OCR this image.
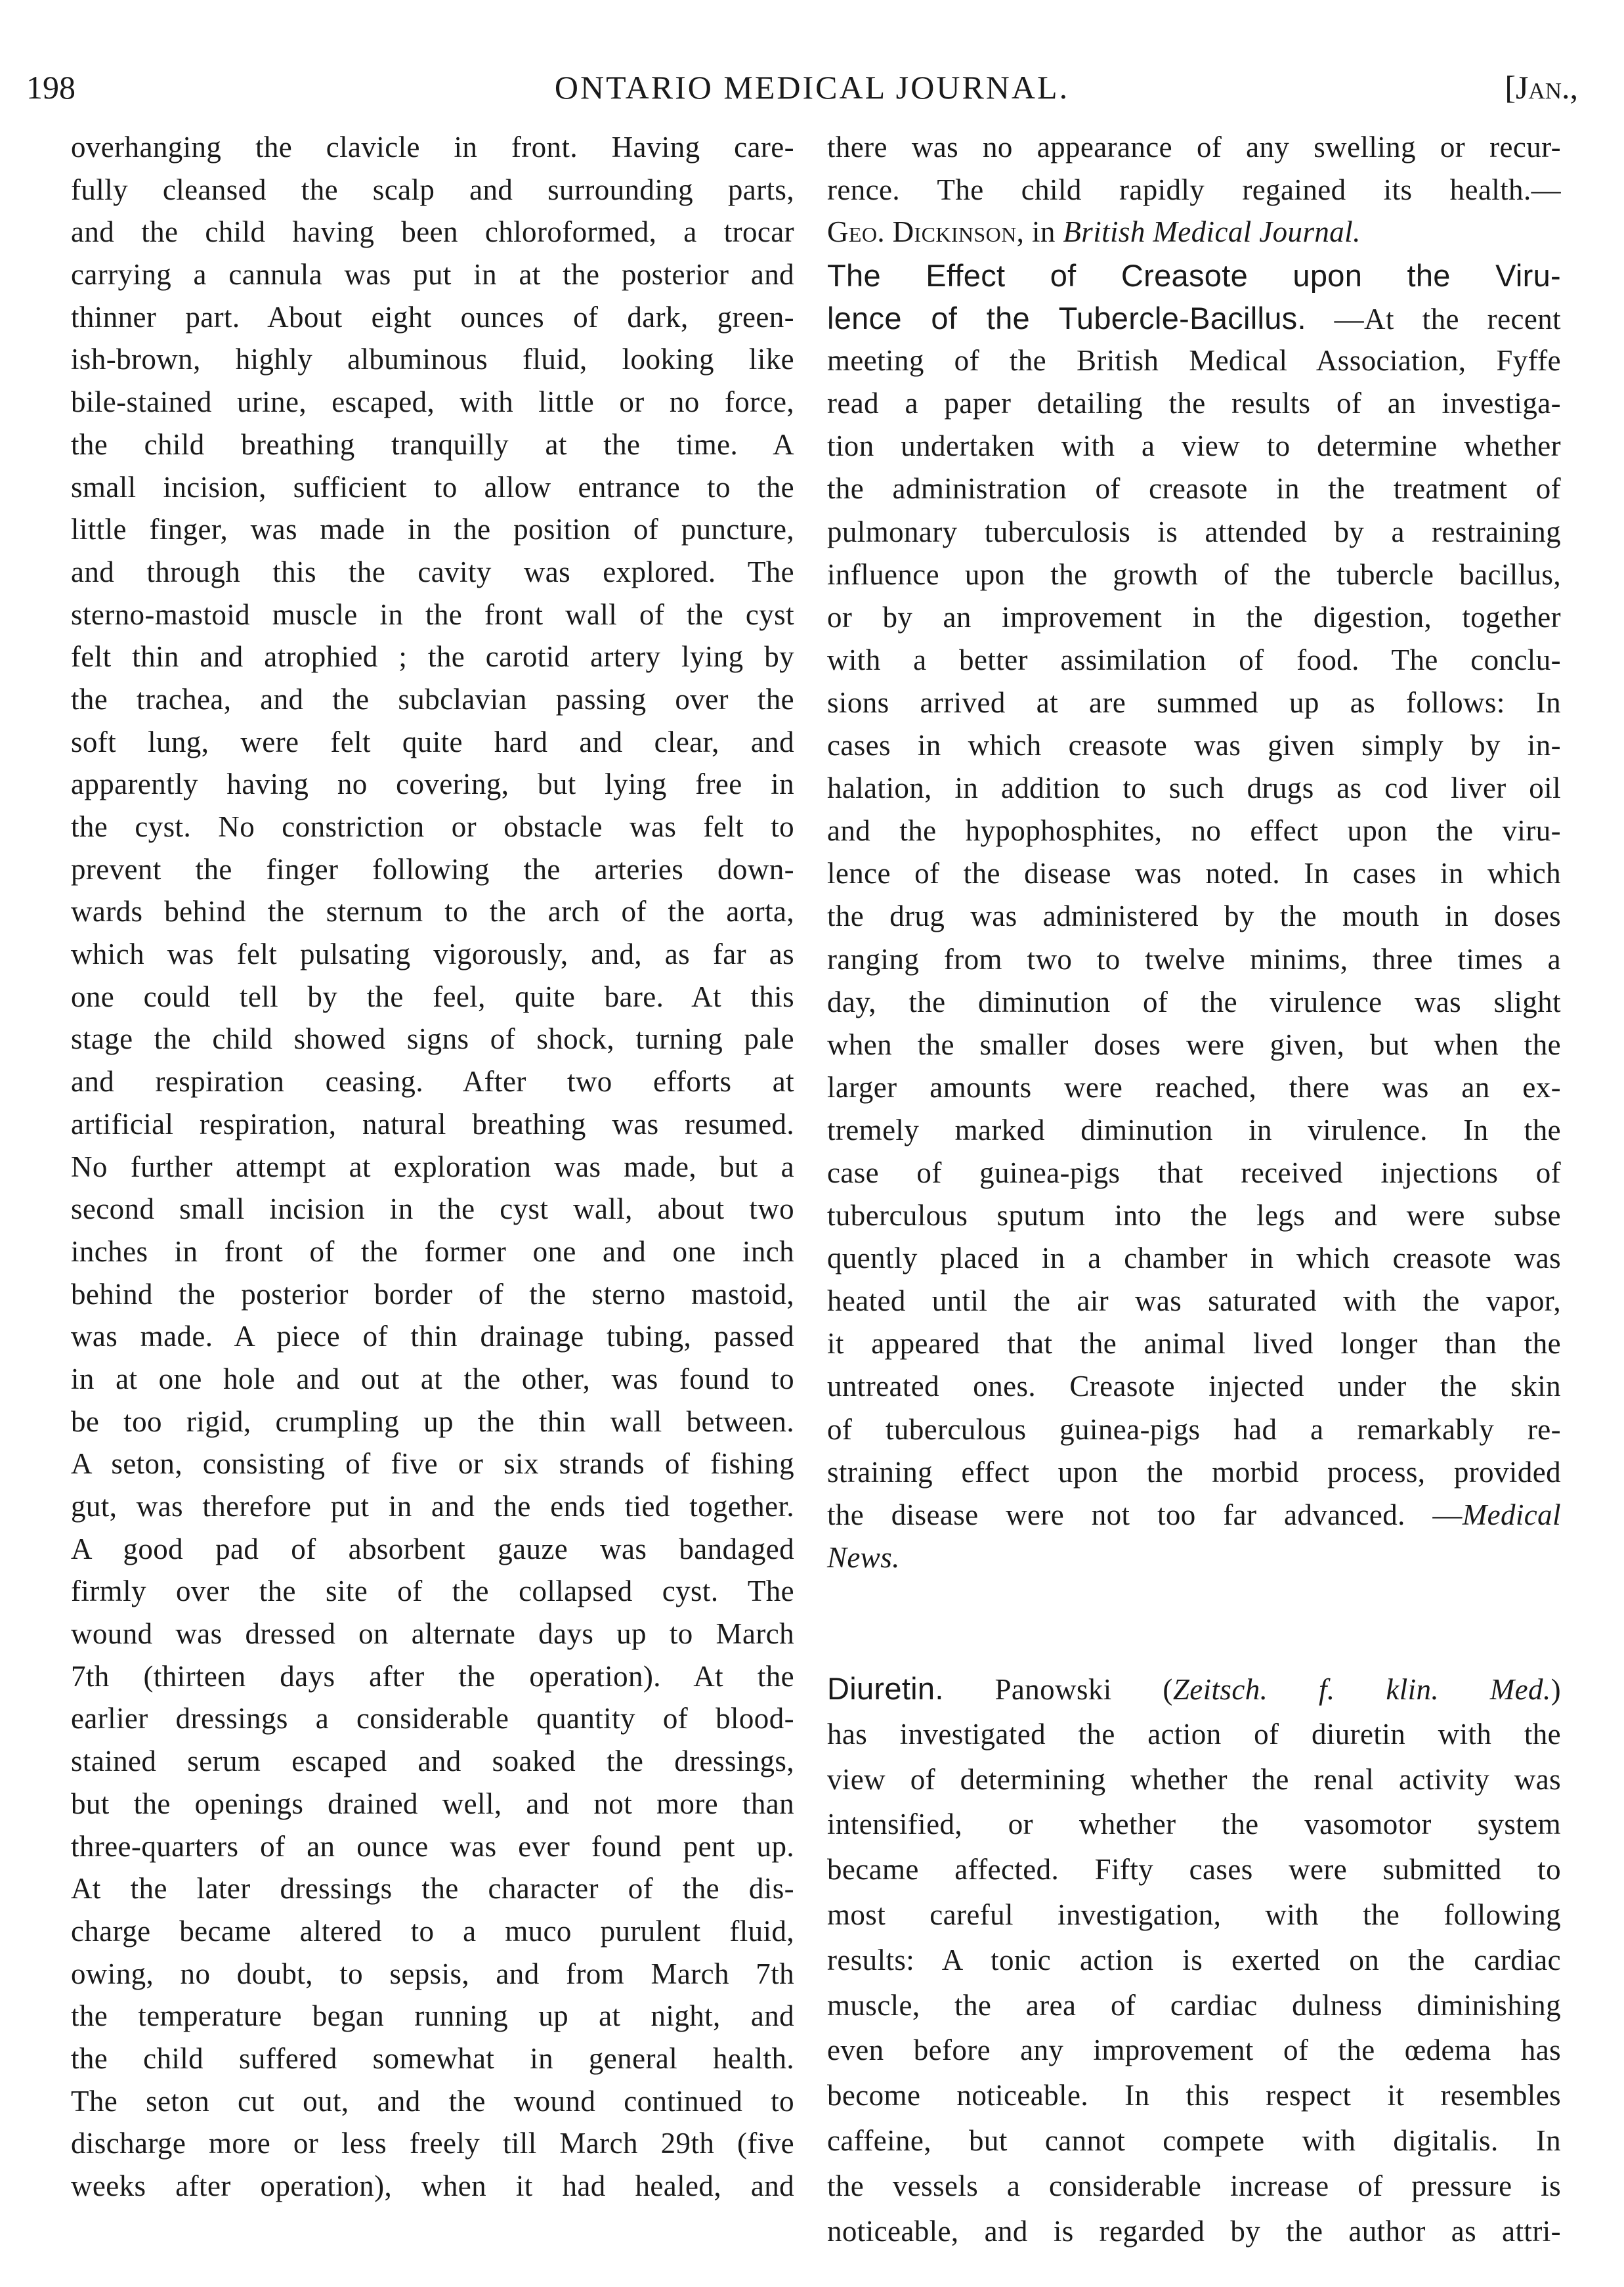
198	ONTARIO MEDICAL JOURNAL.	[Jan.,
overhanging the clavicle in front. Having care-
fully cleansed the scalp and surrounding parts,
and the child having been chloroformed, a trocar
carrying a cannula was put in at the posterior and
thinner part. About eight ounces of dark, green-
ish-brown, highly albuminous fluid, looking like
bile-stained urine, escaped, with little or no force,
the child breathing tranquilly at the time. A
small incision, sufficient to allow entrance to the
little finger, was made in the position of puncture,
and through this the cavity was explored. The
sterno-mastoid muscle in the front wall of the cyst
felt thin and atrophied ; the carotid artery lying by
the trachea, and the subclavian passing over the
soft lung, were felt quite hard and clear, and
apparently having no covering, but lying free in
the cyst. No constriction or obstacle was felt to
prevent the finger following the arteries down-
wards behind the sternum to the arch of the aorta,
which was felt pulsating vigorously, and, as far as
one could tell by the feel, quite bare. At this
stage the child showed signs of shock, turning pale
and respiration ceasing. After two efforts at
artificial respiration, natural breathing was resumed.
No further attempt at exploration was made, but a
second small incision in the cyst wall, about two
inches in front of the former one and one inch
behind the posterior border of the sterno mastoid,
was made. A piece of thin drainage tubing, passed
in at one hole and out at the other, was found to
be too rigid, crumpling up the thin wall between.
A seton, consisting of five or six strands of fishing
gut, was therefore put in and the ends tied together.
A good pad of absorbent gauze was bandaged
firmly over the site of the collapsed cyst. The
wound was dressed on alternate days up to March
7th (thirteen days after the operation). At the
earlier dressings a considerable quantity of blood-
stained serum escaped and soaked the dressings,
but the openings drained well, and not more than
three-quarters of an ounce was ever found pent up.
At the later dressings the character of the dis-
charge became altered to a muco purulent fluid,
owing, no doubt, to sepsis, and from March 7th
the temperature began running up at night, and
the child suffered somewhat in general health.
The seton cut out, and the wound continued to
discharge more or less freely till March 29th (five
weeks after operation), when it had healed, and
there was no appearance of any swelling or recur-
rence. The child rapidly regained its health.—
Geo. Dickinson, in British Medical Journal.
The Effect of Creasote upon the Viru-
lence of the Tubercle-Bacillus. —At the recent
meeting of the British Medical Association, Fyffe
read a paper detailing the results of an investiga-
tion undertaken with a view to determine whether
the administration of creasote in the treatment of
pulmonary tuberculosis is attended by a restraining
influence upon the growth of the tubercle bacillus,
or by an improvement in the digestion, together
with a better assimilation of food. The conclu-
sions arrived at are summed up as follows: In
cases in which creasote was given simply by in-
halation, in addition to such drugs as cod liver oil
and the hypophosphites, no effect upon the viru-
lence of the disease was noted. In cases in which
the drug was administered by the mouth in doses
ranging from two to twelve minims, three times a
day, the diminution of the virulence was slight
when the smaller doses were given, but when the
larger amounts were reached, there was an ex-
tremely marked diminution in virulence. In the
case of guinea-pigs that received injections of
tuberculous sputum into the legs and were subse
quently placed in a chamber in which creasote was
heated until the air was saturated with the vapor,
it appeared that the animal lived longer than the
untreated ones. Creasote injected under the skin
of tuberculous guinea-pigs had a remarkably re-
straining effect upon the morbid process, provided
the disease were not too far advanced. —Medical
News.
Diuretin. Panowski (Zeitsch. f. klin. Med.)
has investigated the action of diuretin with the
view of determining whether the renal activity was
intensified, or whether the vasomotor system
became affected. Fifty cases were submitted to
most careful investigation, with the following
results: A tonic action is exerted on the cardiac
muscle, the area of cardiac dulness diminishing
even before any improvement of the œdema has
become noticeable. In this respect it resembles
caffeine, but cannot compete with digitalis. In
the vessels a considerable increase of pressure is
noticeable, and is regarded by the author as attri-
